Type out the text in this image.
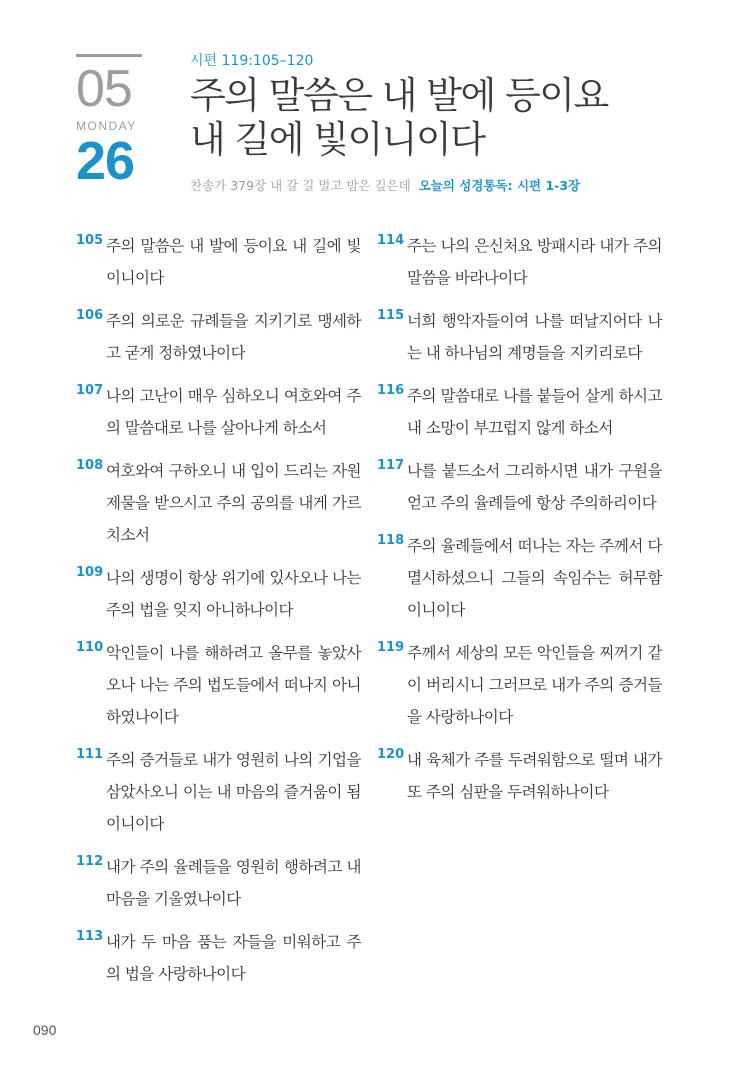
05
MONDAY
26
시편 119:105–120
주의 말씀은 내 발에 등이요
내 길에 빛이니이다
찬송가 379장 내 갈 길 멀고 밤은 깊은데 오늘의 성경통독: 시편 1-3장
105 주의 말씀은 내 발에 등이요 내 길에 빛이니이다
106 주의 의로운 규례들을 지키기로 맹세하고 굳게 정하였나이다
107 나의 고난이 매우 심하오니 여호와여 주의 말씀대로 나를 살아나게 하소서
108 여호와여 구하오니 내 입이 드리는 자원제물을 받으시고 주의 공의를 내게 가르치소서
109 나의 생명이 항상 위기에 있사오나 나는 주의 법을 잊지 아니하나이다
110 악인들이 나를 해하려고 올무를 놓았사오나 나는 주의 법도들에서 떠나지 아니하였나이다
111 주의 증거들로 내가 영원히 나의 기업을 삼았사오니 이는 내 마음의 즐거움이 됨이니이다
112 내가 주의 율례들을 영원히 행하려고 내 마음을 기울였나이다
113 내가 두 마음 품는 자들을 미워하고 주의 법을 사랑하나이다
114 주는 나의 은신처요 방패시라 내가 주의 말씀을 바라나이다
115 너희 행악자들이여 나를 떠날지어다 나는 내 하나님의 계명들을 지키리로다
116 주의 말씀대로 나를 붙들어 살게 하시고 내 소망이 부끄럽지 않게 하소서
117 나를 붙드소서 그리하시면 내가 구원을 얻고 주의 율례들에 항상 주의하리이다
118 주의 율례들에서 떠나는 자는 주께서 다 멸시하셨으니 그들의 속임수는 허무함이니이다
119 주께서 세상의 모든 악인들을 찌꺼기 같이 버리시니 그러므로 내가 주의 증거들을 사랑하나이다
120 내 육체가 주를 두려워함으로 떨며 내가 또 주의 심판을 두려워하나이다
090
